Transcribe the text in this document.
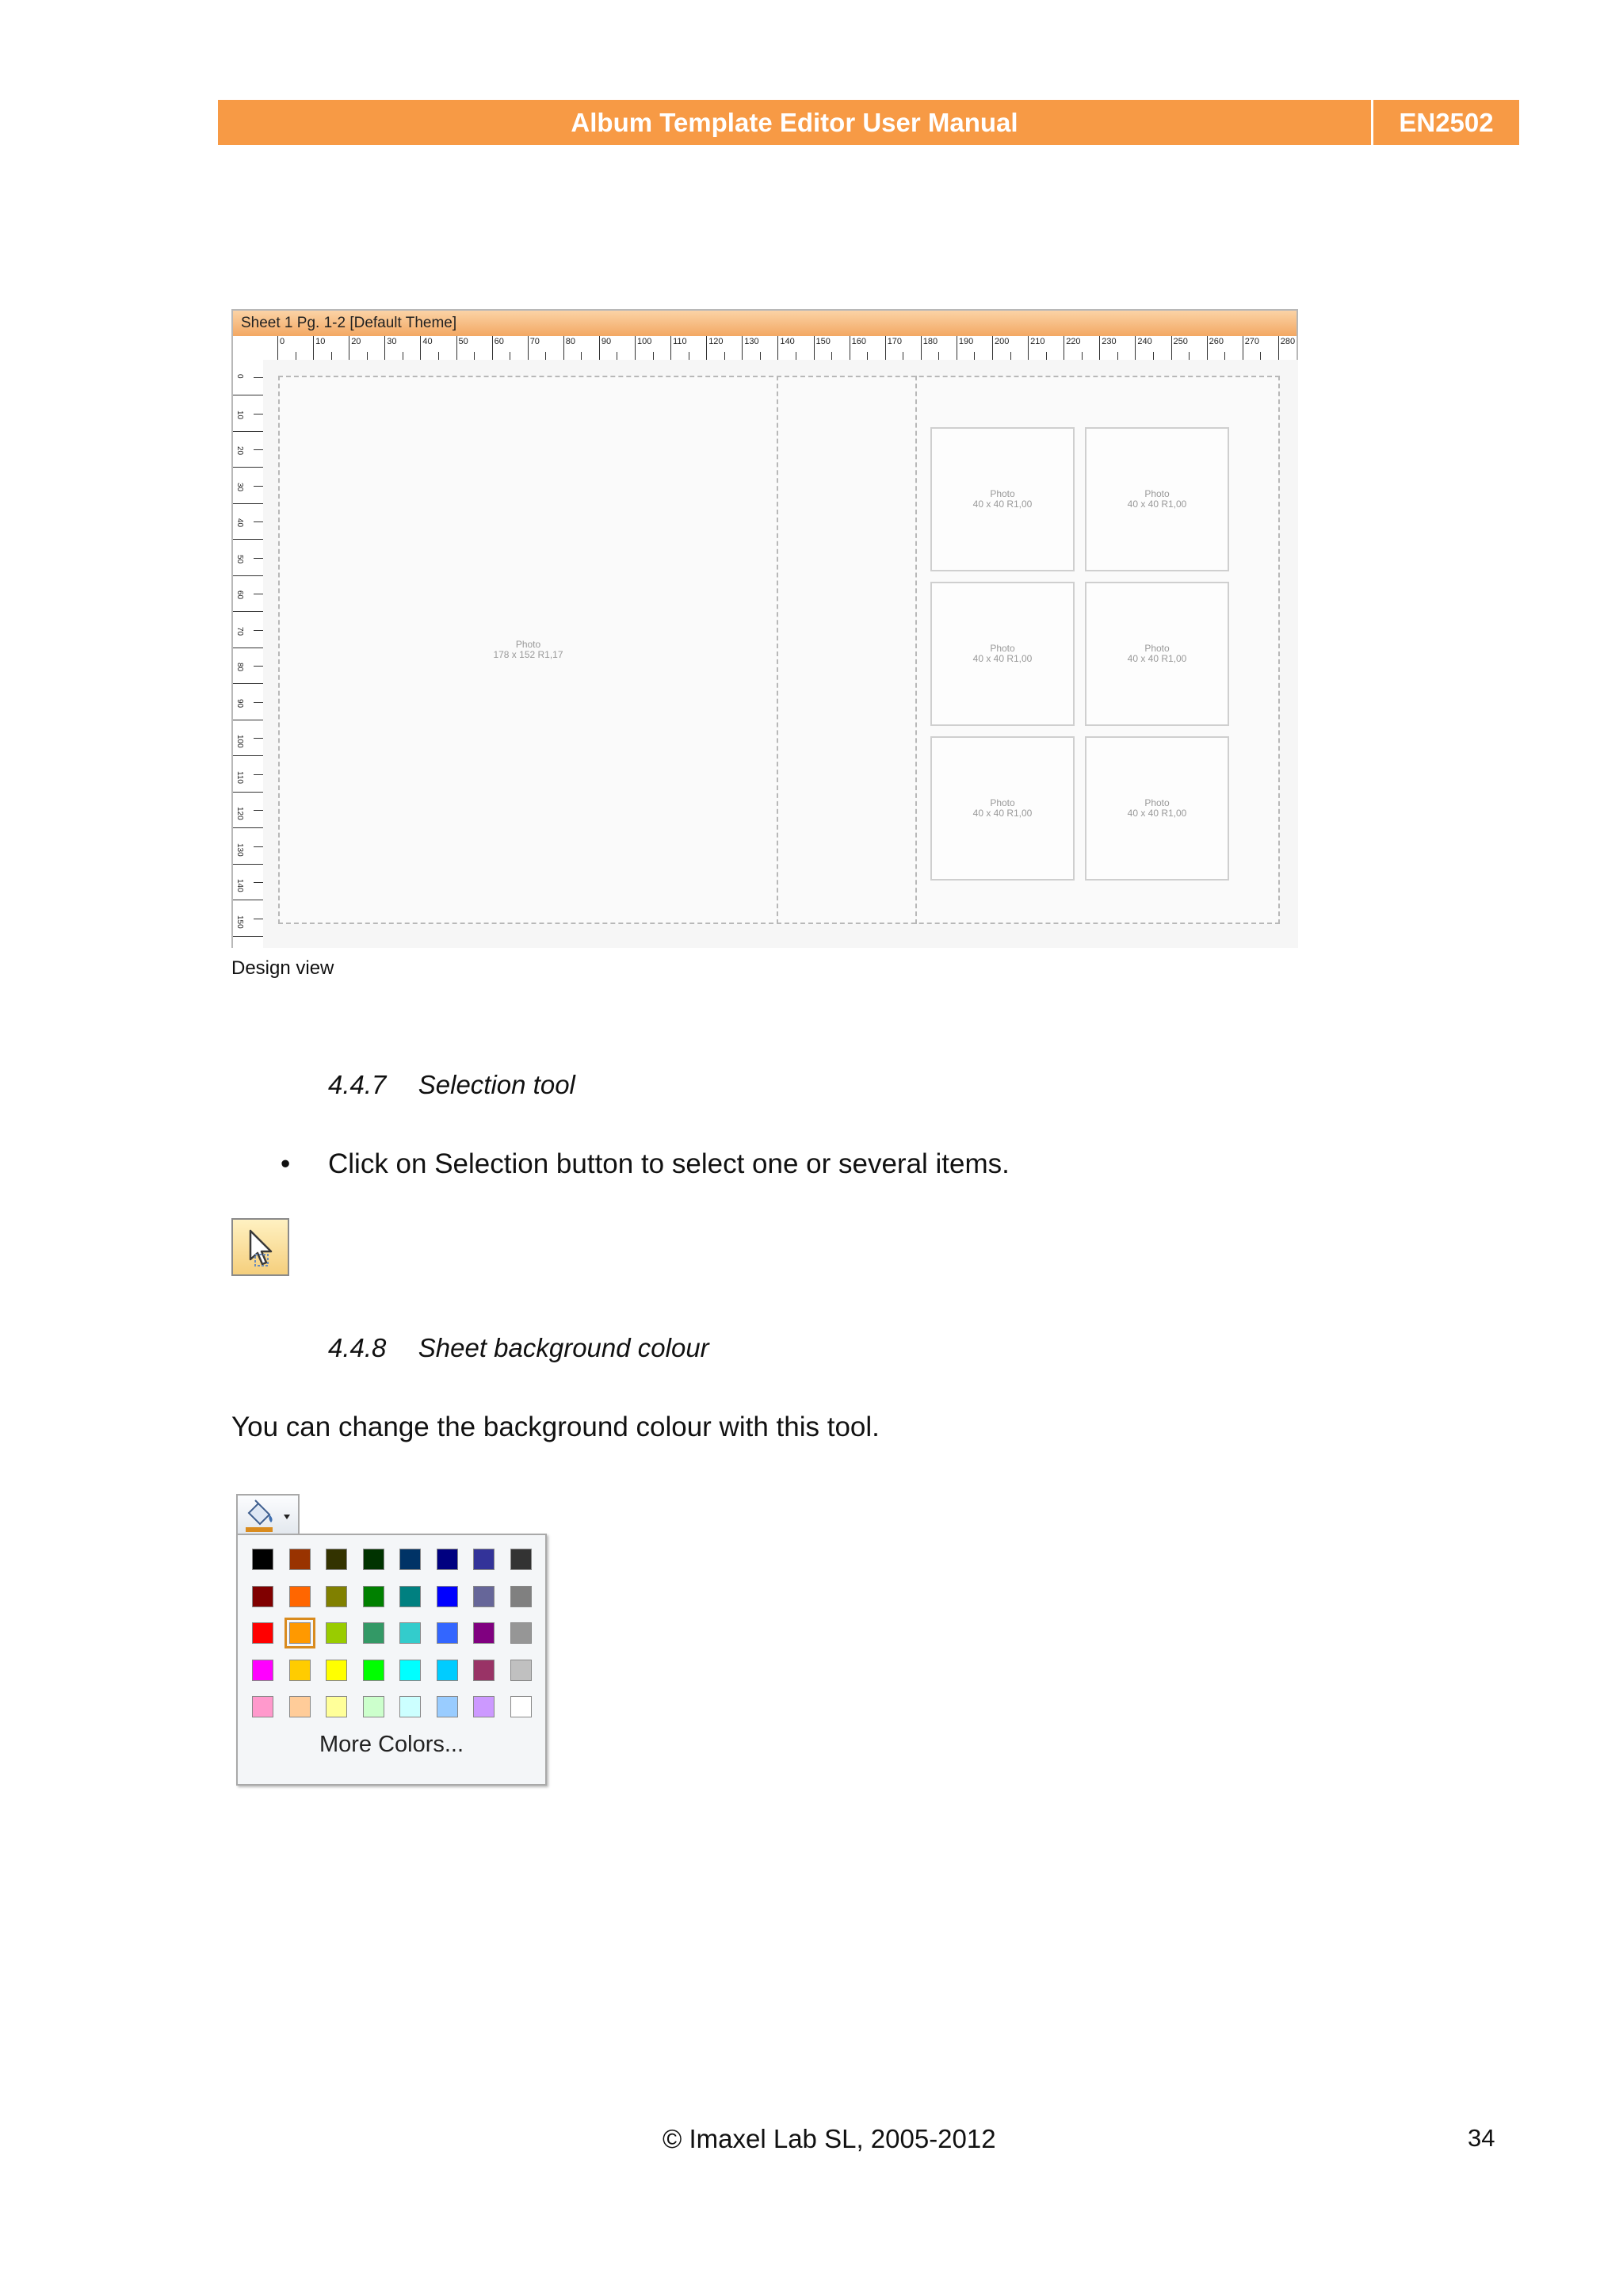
Album Template Editor User Manual	EN2502
Sheet 1 Pg. 1-2 [Default Theme]
0	10	20	30	40	50	60	70	80	90	100 110	120 130 140 150 160 170 180 190 200 210 220 230 240 250 260 270 280
0
10
20
30
40
50
60
70
80
90
100
110
120
130
140
150
Photo
178 x 152 R1,17
Photo
40 x 40 R1,00
Photo
40 x 40 R1,00
Photo
40 x 40 R1,00
Photo
40 x 40 R1,00
Photo
40 x 40 R1,00
Photo
40 x 40 R1,00
Design view
4.4.7 Selection tool
• Click on Selection button to select one or several items.
4.4.8 Sheet background colour
You can change the background colour with this tool.
More Colors...
© Imaxel Lab SL, 2005-2012	34
